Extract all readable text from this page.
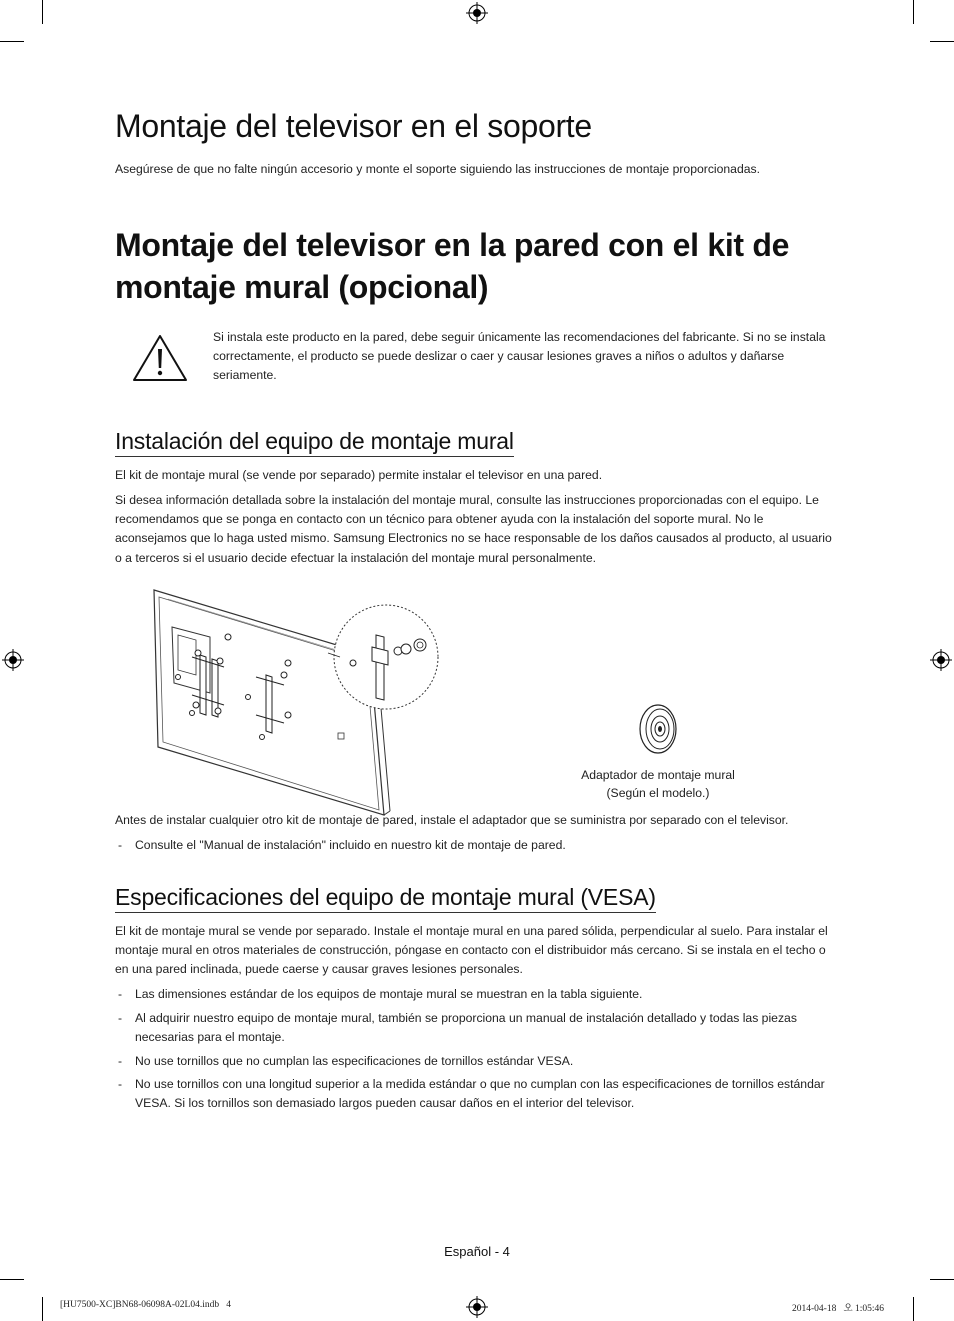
Montaje del televisor en el soporte

Asegúrese de que no falte ningún accesorio y monte el soporte siguiendo las instrucciones de montaje proporcionadas.

Montaje del televisor en la pared con el kit de montaje mural (opcional)

Si instala este producto en la pared, debe seguir únicamente las recomendaciones del fabricante. Si no se instala correctamente, el producto se puede deslizar o caer y causar lesiones graves a niños o adultos y dañarse seriamente.

Instalación del equipo de montaje mural

El kit de montaje mural (se vende por separado) permite instalar el televisor en una pared.

Si desea información detallada sobre la instalación del montaje mural, consulte las instrucciones proporcionadas con el equipo. Le recomendamos que se ponga en contacto con un técnico para obtener ayuda con la instalación del soporte mural. No le aconsejamos que lo haga usted mismo. Samsung Electronics no se hace responsable de los daños causados al producto, al usuario o a terceros si el usuario decide efectuar la instalación del montaje mural personalmente.

Adaptador de montaje mural
(Según el modelo.)

Antes de instalar cualquier otro kit de montaje de pared, instale el adaptador que se suministra por separado con el televisor.

- Consulte el "Manual de instalación" incluido en nuestro kit de montaje de pared.

Especificaciones del equipo de montaje mural (VESA)

El kit de montaje mural se vende por separado. Instale el montaje mural en una pared sólida, perpendicular al suelo. Para instalar el montaje mural en otros materiales de construcción, póngase en contacto con el distribuidor más cercano. Si se instala en el techo o en una pared inclinada, puede caerse y causar graves lesiones personales.

- Las dimensiones estándar de los equipos de montaje mural se muestran en la tabla siguiente.

- Al adquirir nuestro equipo de montaje mural, también se proporciona un manual de instalación detallado y todas las piezas necesarias para el montaje.

- No use tornillos que no cumplan las especificaciones de tornillos estándar VESA.

- No use tornillos con una longitud superior a la medida estándar o que no cumplan con las especificaciones de tornillos estándar VESA. Si los tornillos son demasiado largos pueden causar daños en el interior del televisor.

Español - 4
[HU7500-XC]BN68-06098A-02L04.indb   4	2014-04-18   오 1:05:46
